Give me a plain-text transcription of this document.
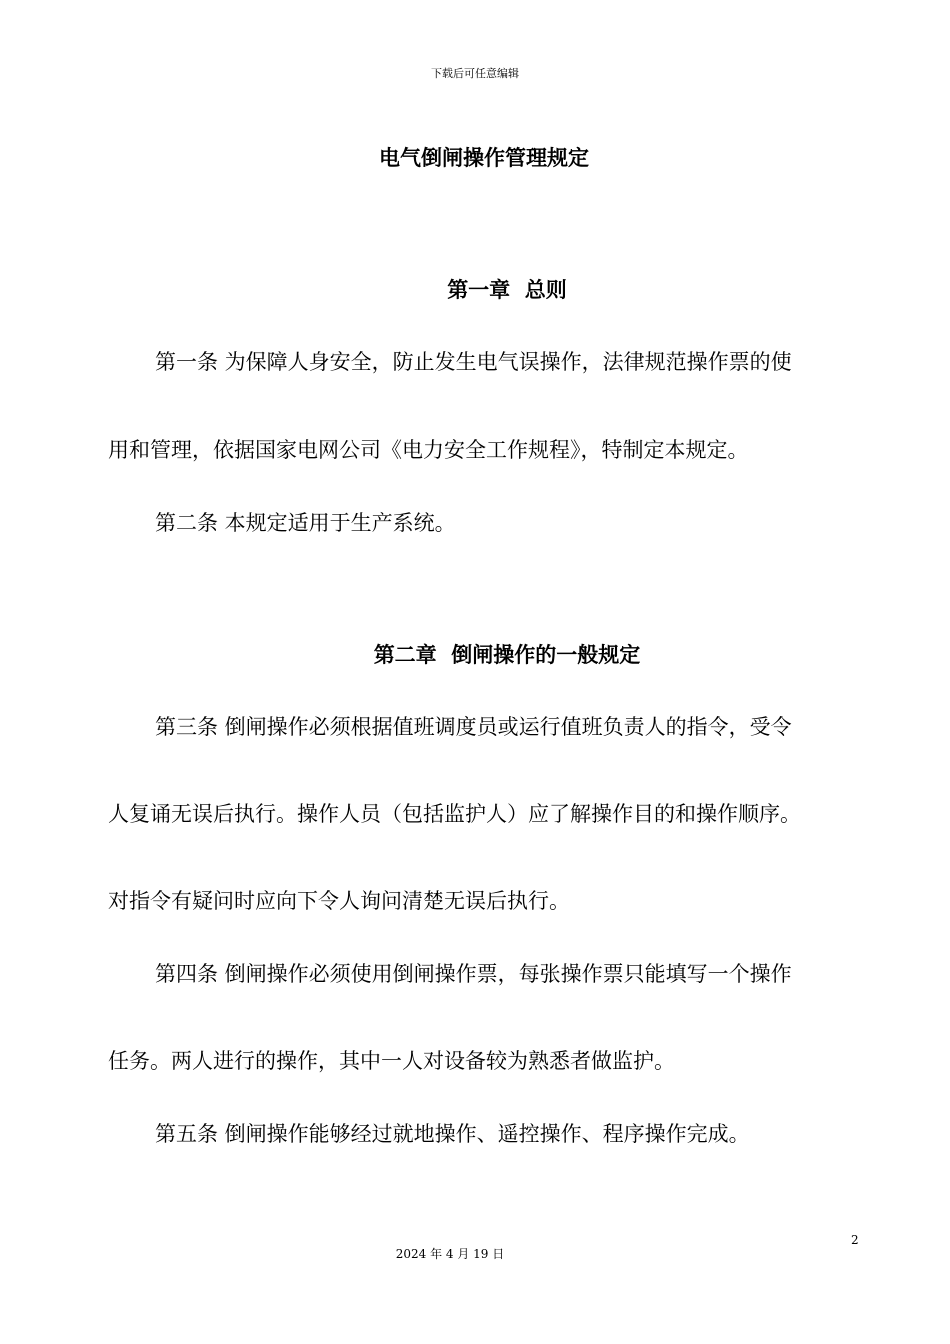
下载后可任意编辑
电气倒闸操作管理规定
第一章  总则

第一条 为保障人身安全，防止发生电气误操作，法律规范操作票的使

用和管理，依据国家电网公司《电力安全工作规程》，特制定本规定。

第二条 本规定适用于生产系统。

第二章  倒闸操作的一般规定

第三条 倒闸操作必须根据值班调度员或运行值班负责人的指令，受令

人复诵无误后执行。操作人员（包括监护人）应了解操作目的和操作顺序。

对指令有疑问时应向下令人询问清楚无误后执行。

第四条 倒闸操作必须使用倒闸操作票，每张操作票只能填写一个操作

任务。两人进行的操作，其中一人对设备较为熟悉者做监护。

第五条 倒闸操作能够经过就地操作、遥控操作、程序操作完成。

2
2024 年 4 月 19 日
